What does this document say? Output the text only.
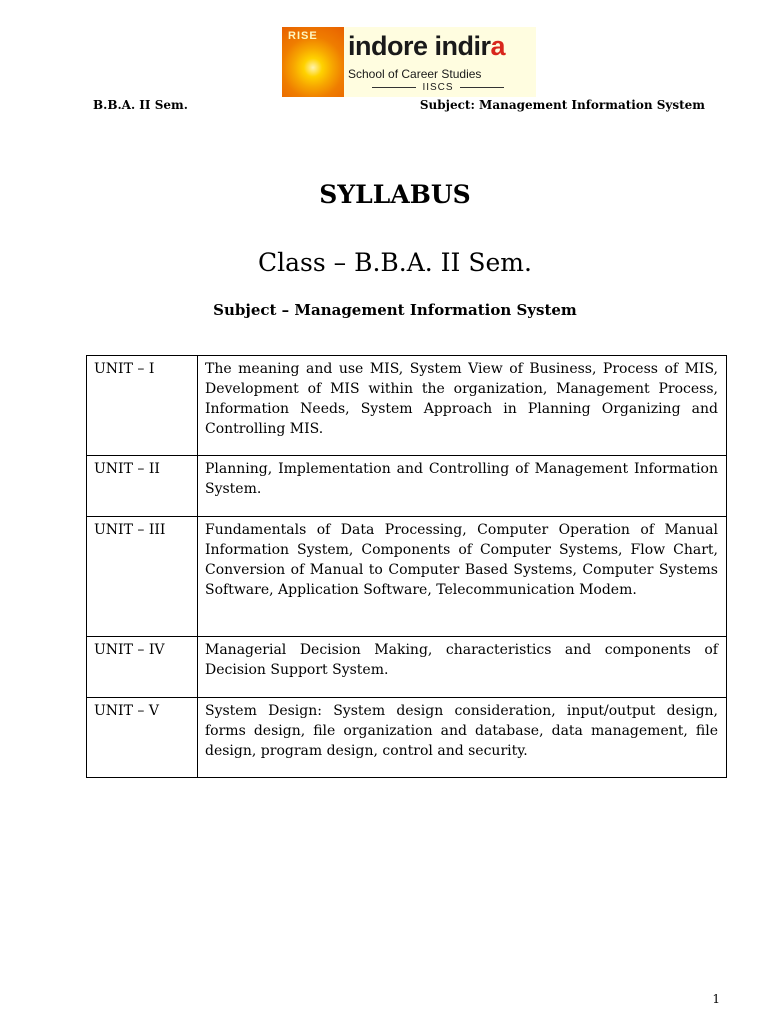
RISE indore indira
School of Career Studies
IISCS
B.B.A. II Sem.	Subject: Management Information System
SYLLABUS
Class – B.B.A. II Sem.
Subject – Management Information System
UNIT – I	The meaning and use MIS, System View of Business, Process of MIS, Development of MIS within the organization, Management Process, Information Needs, System Approach in Planning Organizing and Controlling MIS.
UNIT – II	Planning, Implementation and Controlling of Management Information System.
UNIT – III	Fundamentals of Data Processing, Computer Operation of Manual Information System, Components of Computer Systems, Flow Chart, Conversion of Manual to Computer Based Systems, Computer Systems Software, Application Software, Telecommunication Modem.
UNIT – IV	Managerial Decision Making, characteristics and components of Decision Support System.
UNIT – V	System Design: System design consideration, input/output design, forms design, file organization and database, data management, file design, program design, control and security.
1
